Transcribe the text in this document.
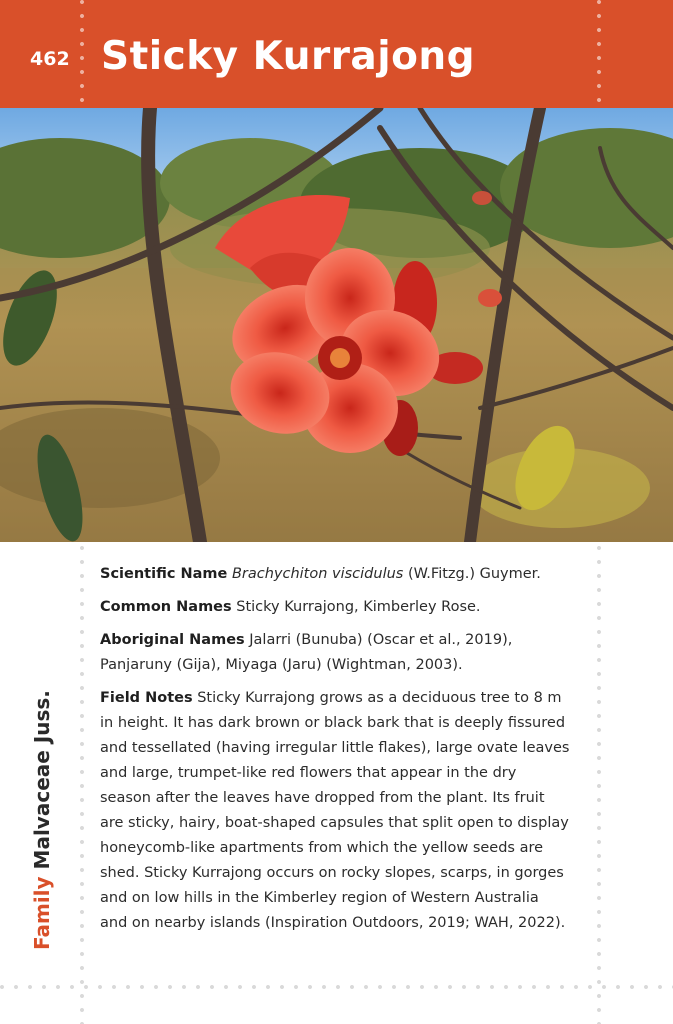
462 Sticky Kurrajong
Family Malvaceae Juss.

Scientific Name Brachychiton viscidulus (W.Fitzg.) Guymer.

Common Names Sticky Kurrajong, Kimberley Rose.

Aboriginal Names Jalarri (Bunuba) (Oscar et al., 2019), Panjaruny (Gija), Miyaga (Jaru) (Wightman, 2003).

Field Notes Sticky Kurrajong grows as a deciduous tree to 8 m in height. It has dark brown or black bark that is deeply fissured and tessellated (having irregular little flakes), large ovate leaves and large, trumpet-like red flowers that appear in the dry season after the leaves have dropped from the plant. Its fruit are sticky, hairy, boat-shaped capsules that split open to display honeycomb-like apartments from which the yellow seeds are shed. Sticky Kurrajong occurs on rocky slopes, scarps, in gorges and on low hills in the Kimberley region of Western Australia and on nearby islands (Inspiration Outdoors, 2019; WAH, 2022).
